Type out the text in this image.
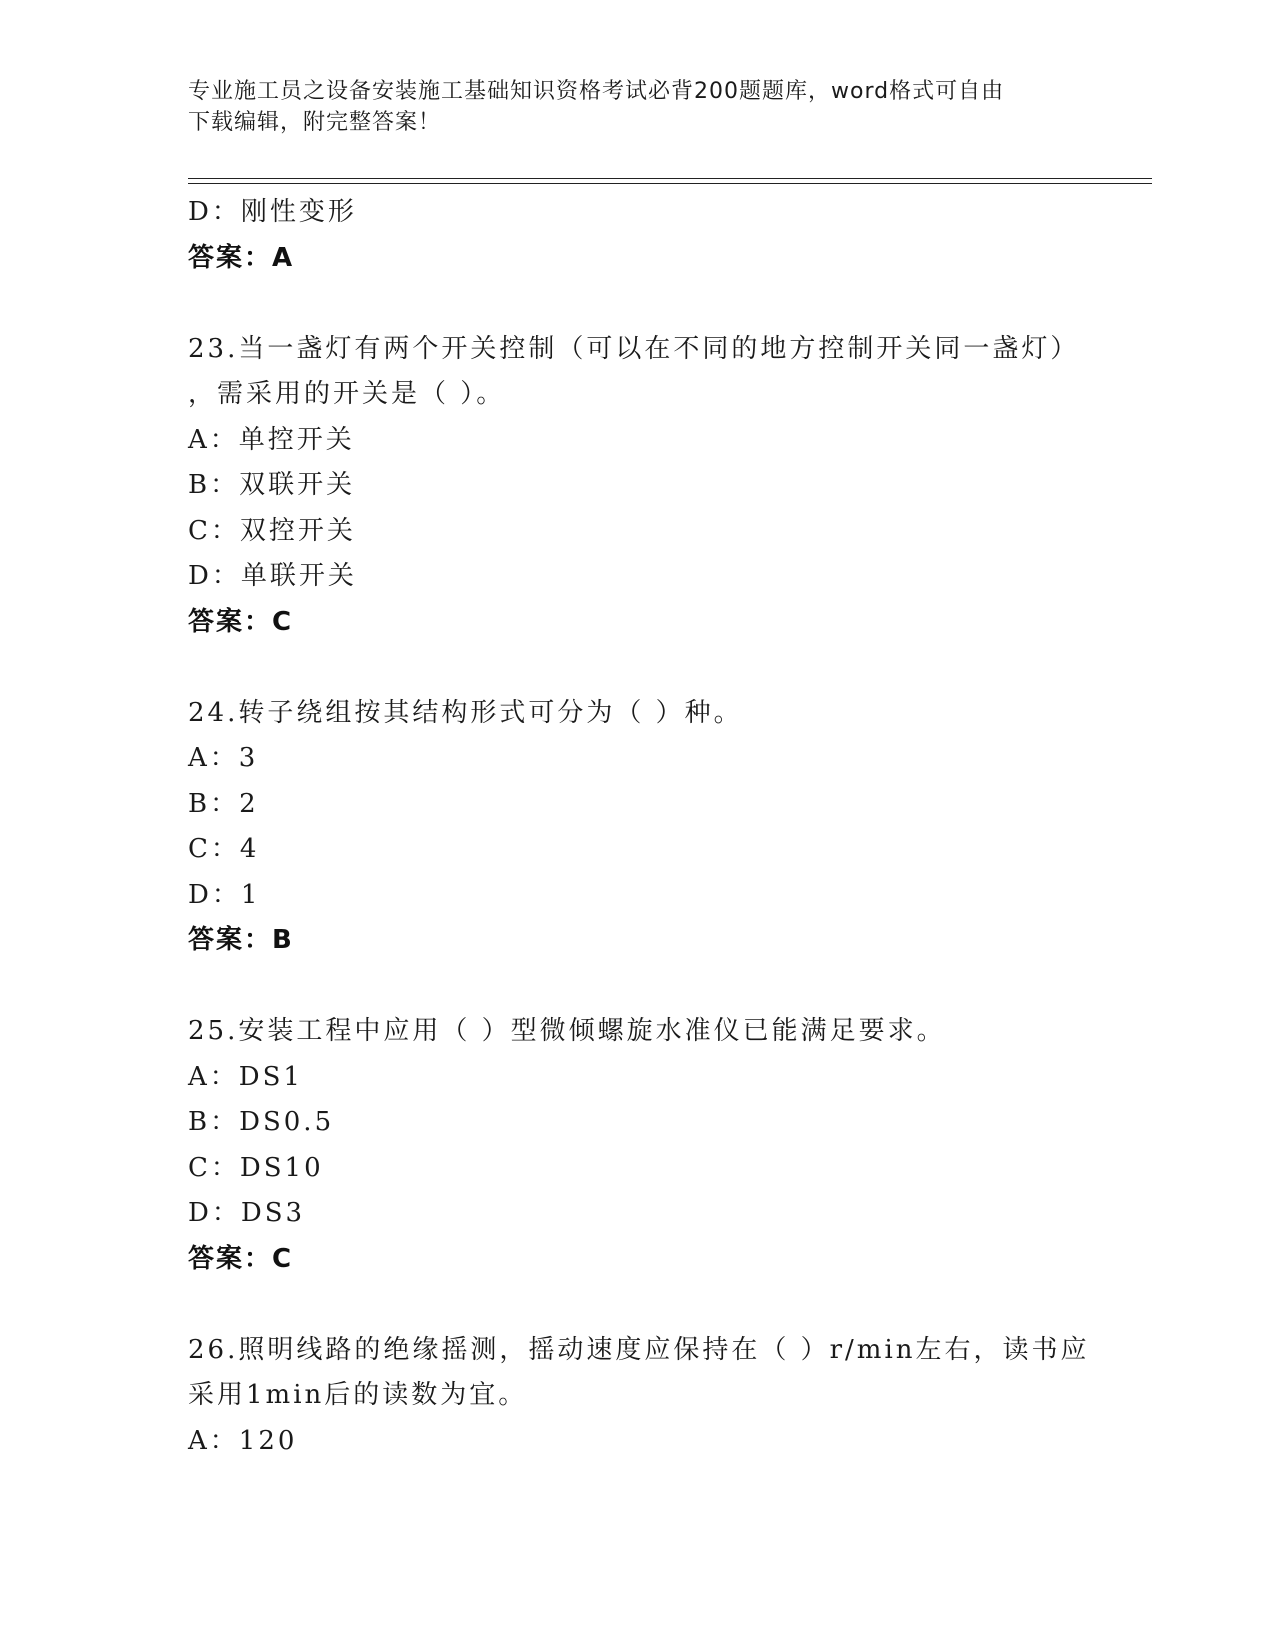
专业施工员之设备安装施工基础知识资格考试必背200题题库，word格式可自由
下载编辑，附完整答案！
D：刚性变形
答案：A
23.当一盏灯有两个开关控制（可以在不同的地方控制开关同一盏灯）
，需采用的开关是（ ）。
A：单控开关
B：双联开关
C：双控开关
D：单联开关
答案：C
24.转子绕组按其结构形式可分为（ ）种。
A：3
B：2
C：4
D：1
答案：B
25.安装工程中应用（ ）型微倾螺旋水准仪已能满足要求。
A：DS1
B：DS0.5
C：DS10
D：DS3
答案：C
26.照明线路的绝缘摇测，摇动速度应保持在（ ）r/min左右，读书应
采用1min后的读数为宜。
A：120
